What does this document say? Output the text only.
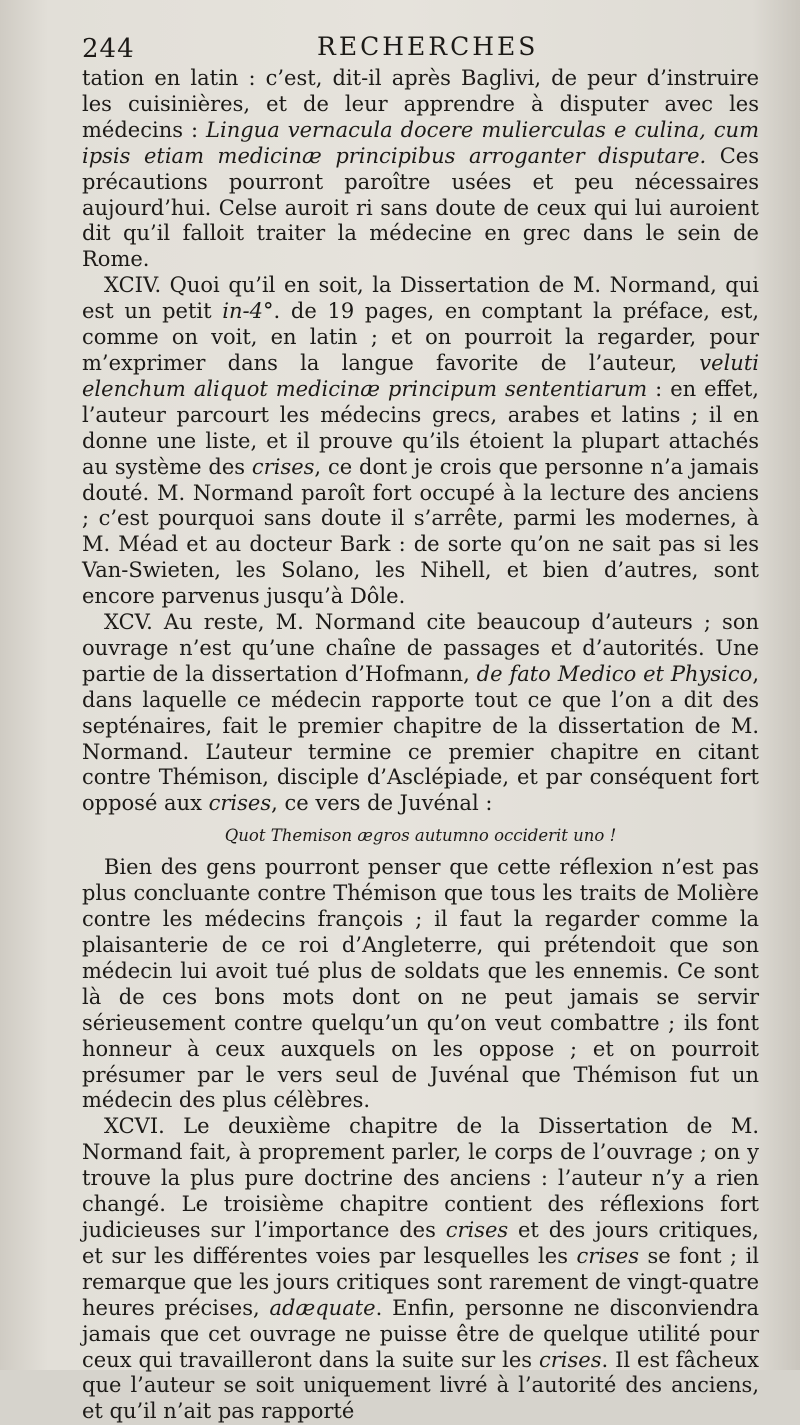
244	RECHERCHES

tation en latin : c’est, dit-il après Baglivi, de peur d’instruire les cuisinières, et de leur apprendre à disputer avec les médecins : Lingua vernacula docere mulierculas e culina, cum ipsis etiam medicinæ principibus arroganter disputare. Ces précautions pourront paroître usées et peu nécessaires aujourd’hui. Celse auroit ri sans doute de ceux qui lui auroient dit qu’il falloit traiter la médecine en grec dans le sein de Rome.

XCIV. Quoi qu’il en soit, la Dissertation de M. Normand, qui est un petit in-4°. de 19 pages, en comptant la préface, est, comme on voit, en latin ; et on pourroit la regarder, pour m’exprimer dans la langue favorite de l’auteur, veluti elenchum aliquot medicinæ principum sententiarum : en effet, l’auteur parcourt les médecins grecs, arabes et latins ; il en donne une liste, et il prouve qu’ils étoient la plupart attachés au système des crises, ce dont je crois que personne n’a jamais douté. M. Normand paroît fort occupé à la lecture des anciens ; c’est pourquoi sans doute il s’arrête, parmi les modernes, à M. Méad et au docteur Bark : de sorte qu’on ne sait pas si les Van-Swieten, les Solano, les Nihell, et bien d’autres, sont encore parvenus jusqu’à Dôle.

XCV. Au reste, M. Normand cite beaucoup d’auteurs ; son ouvrage n’est qu’une chaîne de passages et d’autorités. Une partie de la dissertation d’Hofmann, de fato Medico et Physico, dans laquelle ce médecin rapporte tout ce que l’on a dit des septénaires, fait le premier chapitre de la dissertation de M. Normand. L’auteur termine ce premier chapitre en citant contre Thémison, disciple d’Asclépiade, et par conséquent fort opposé aux crises, ce vers de Juvénal :

Quot Themison ægros autumno occiderit uno !

Bien des gens pourront penser que cette réflexion n’est pas plus concluante contre Thémison que tous les traits de Molière contre les médecins françois ; il faut la regarder comme la plaisanterie de ce roi d’Angleterre, qui prétendoit que son médecin lui avoit tué plus de soldats que les ennemis. Ce sont là de ces bons mots dont on ne peut jamais se servir sérieusement contre quelqu’un qu’on veut combattre ; ils font honneur à ceux auxquels on les oppose ; et on pourroit présumer par le vers seul de Juvénal que Thémison fut un médecin des plus célèbres.

XCVI. Le deuxième chapitre de la Dissertation de M. Normand fait, à proprement parler, le corps de l’ouvrage ; on y trouve la plus pure doctrine des anciens : l’auteur n’y a rien changé. Le troisième chapitre contient des réflexions fort judicieuses sur l’importance des crises et des jours critiques, et sur les différentes voies par lesquelles les crises se font ; il remarque que les jours critiques sont rarement de vingt-quatre heures précises, adæquate. Enfin, personne ne disconviendra jamais que cet ouvrage ne puisse être de quelque utilité pour ceux qui travailleront dans la suite sur les crises. Il est fâcheux que l’auteur se soit uniquement livré à l’autorité des anciens, et qu’il n’ait pas rapporté
